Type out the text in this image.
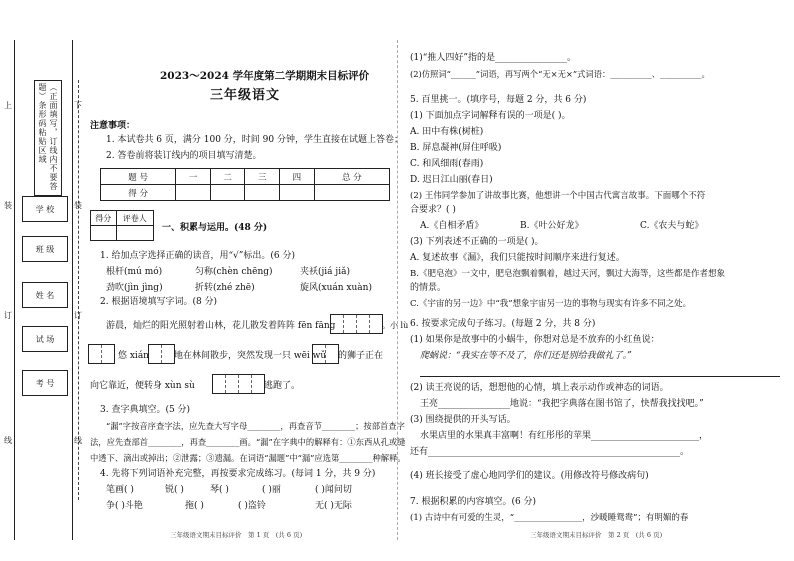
上	下
装
订
线
装
订
线
（正面填写，订线内不要答题）条形码粘贴区域
学 校
班 级
姓 名
试 场
考 号
2023～2024 学年度第二学期期末目标评价
三年级语文
注意事项：
1. 本试卷共 6 页，满分 100 分，时间 90 分钟，学生直接在试题上答卷；
2. 答卷前将装订线内的项目填写清楚。
题 号	一	二	三	四	总 分
得 分					
得分	评卷人

一、积累与运用。(48 分)
1. 给加点字选择正确的读音，用“√”标出。(6 分)
根杆(mú mó)	匀称(chèn chēng)	夹袄(jiá jiǎ)
劲吹(jìn jìng)	折转(zhé zhē)	旋风(xuán xuàn)
2. 根据语境填写字词。(8 分)
游晨，灿烂的阳光照射着山林，花儿散发着阵阵 fēn fāng	。小 lù
悠 xián	地在林间散步，突然发现一只 wēi wǔ 的狮子正在
向它靠近，便转身 xùn sù	逃跑了。
3. 查字典填空。(5 分)
“漏”字按音序查字法，应先查大写字母________，再查音节________；按部首查字
法，应先查部首________，再查________画。“漏”在字典中的解释有：①东西从孔或缝
中透下、滴出或掉出；②泄露；③遗漏。在词语“漏题”中“漏”应选第________种解释。
4. 先将下列词语补充完整，再按要求完成练习。(每词 1 分，共 9 分)
笔画( )	锐( )	琴( )	( )丽	( )闻问切
争( )斗艳	拖( )	( )盗铃	无( )无际
三年级语文期末目标评价　第 1 页　(共 6 页)
(1)“推人四好”指的是________________。
(2)仿照词“______”词语，再写两个“无×无×”式词语：__________、__________。
5. 百里挑一。(填序号，每题 2 分，共 6 分)
(1) 下面加点字词解释有误的一项是( )。
A. 田中有株(树桩)
B. 屏息凝神(屏住呼吸)
C. 和风细雨(春雨)
D. 迟日江山丽(春日)
(2) 王伟同学参加了讲故事比赛，他想讲一个中国古代寓言故事。下面哪个不符
合要求？( )
A.《自相矛盾》	B.《叶公好龙》	C.《农夫与蛇》
(3) 下列表述不正确的一项是( )。
A. 复述故事《漏》，我们只能按时间顺序来进行复述。
B.《肥皂泡》一文中，肥皂泡飘着飘着，越过天河，飘过大海等，这些都是作者想象
的情景。
C.《宇宙的另一边》中“我”想象宇宙另一边的事物与现实有许多不同之处。
6. 按要求完成句子练习。(每题 2 分，共 8 分)
(1) 如果你是故事中的小蜗牛，你想对总是不放弃的小红鱼说：
爬蜗说：“我实在等不及了，你们还是别给我做礼了。”
(2) 读王亮说的话，想想他的心情，填上表示动作或神态的词语。
王亮________________地说：“我把字典落在图书馆了，快帮我找找吧。”
(3) 围绕提供的开头写话。
水果店里的水果真丰富啊！有红彤彤的苹果________________________，
还有________________________________________________________。
(4) 班长接受了虚心地同学们的建议。(用修改符号修改病句)
7. 根据积累的内容填空。(6 分)
(1) 古诗中有可爱的生灵，“________________，沙暖睡鸳鸯”；有明媚的春
三年级语文期末目标评价　第 2 页　(共 6 页)
